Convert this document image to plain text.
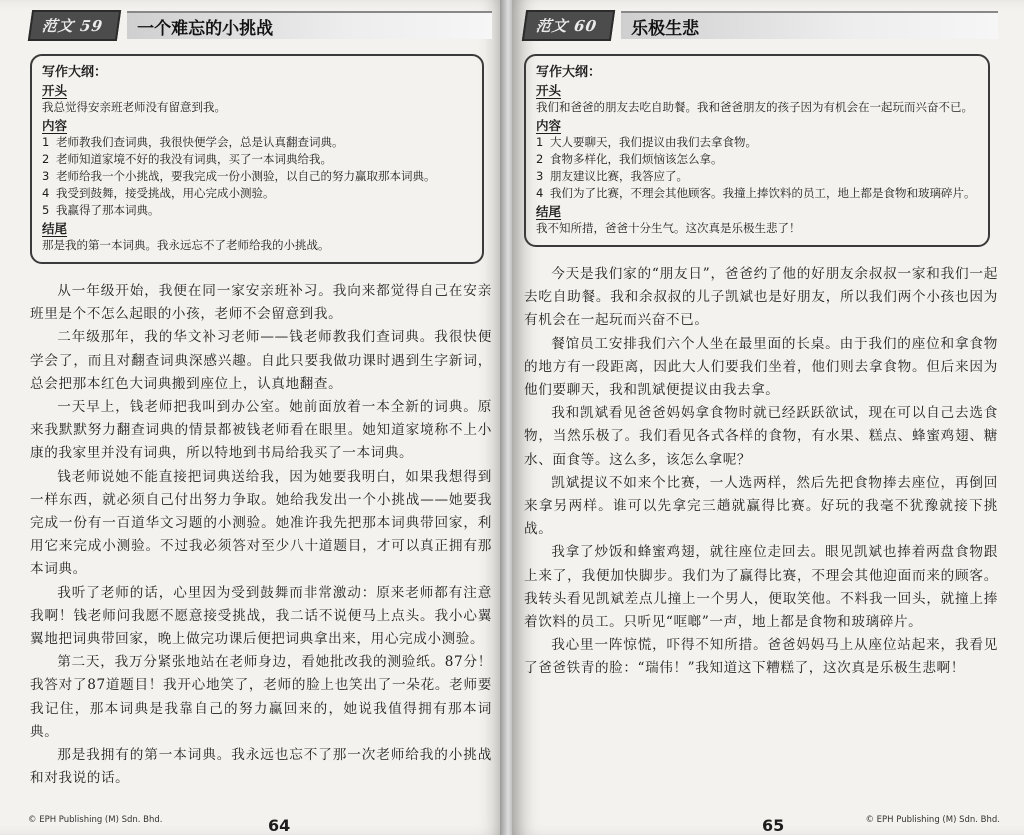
范文 59	一个难忘的小挑战
写作大纲：
开头
我总觉得安亲班老师没有留意到我。
内容
1 老师教我们查词典，我很快便学会，总是认真翻查词典。
2 老师知道家境不好的我没有词典，买了一本词典给我。
3 老师给我一个小挑战，要我完成一份小测验，以自己的努力赢取那本词典。
4 我受到鼓舞，接受挑战，用心完成小测验。
5 我赢得了那本词典。
结尾
那是我的第一本词典。我永远忘不了老师给我的小挑战。

从一年级开始，我便在同一家安亲班补习。我向来都觉得自己在安亲班里是个不怎么起眼的小孩，老师不会留意到我。

二年级那年，我的华文补习老师——钱老师教我们查词典。我很快便学会了，而且对翻查词典深感兴趣。自此只要我做功课时遇到生字新词，总会把那本红色大词典搬到座位上，认真地翻查。

一天早上，钱老师把我叫到办公室。她前面放着一本全新的词典。原来我默默努力翻查词典的情景都被钱老师看在眼里。她知道家境称不上小康的我家里并没有词典，所以特地到书局给我买了一本词典。

钱老师说她不能直接把词典送给我，因为她要我明白，如果我想得到一样东西，就必须自己付出努力争取。她给我发出一个小挑战——她要我完成一份有一百道华文习题的小测验。她准许我先把那本词典带回家，利用它来完成小测验。不过我必须答对至少八十道题目，才可以真正拥有那本词典。

我听了老师的话，心里因为受到鼓舞而非常激动：原来老师都有注意我啊！钱老师问我愿不愿意接受挑战，我二话不说便马上点头。我小心翼翼地把词典带回家，晚上做完功课后便把词典拿出来，用心完成小测验。

第二天，我万分紧张地站在老师身边，看她批改我的测验纸。87分！我答对了87道题目！我开心地笑了，老师的脸上也笑出了一朵花。老师要我记住，那本词典是我靠自己的努力赢回来的，她说我值得拥有那本词典。

那是我拥有的第一本词典。我永远也忘不了那一次老师给我的小挑战和对我说的话。

© EPH Publishing (M) Sdn. Bhd.	64
范文 60	乐极生悲
写作大纲：
开头
我们和爸爸的朋友去吃自助餐。我和爸爸朋友的孩子因为有机会在一起玩而兴奋不已。
内容
1 大人要聊天，我们提议由我们去拿食物。
2 食物多样化，我们烦恼该怎么拿。
3 朋友建议比赛，我答应了。
4 我们为了比赛，不理会其他顾客。我撞上捧饮料的员工，地上都是食物和玻璃碎片。
结尾
我不知所措，爸爸十分生气。这次真是乐极生悲了！

今天是我们家的“朋友日”，爸爸约了他的好朋友余叔叔一家和我们一起去吃自助餐。我和余叔叔的儿子凯斌也是好朋友，所以我们两个小孩也因为有机会在一起玩而兴奋不已。

餐馆员工安排我们六个人坐在最里面的长桌。由于我们的座位和拿食物的地方有一段距离，因此大人们要我们坐着，他们则去拿食物。但后来因为他们要聊天，我和凯斌便提议由我去拿。

我和凯斌看见爸爸妈妈拿食物时就已经跃跃欲试，现在可以自己去选食物，当然乐极了。我们看见各式各样的食物，有水果、糕点、蜂蜜鸡翅、糖水、面食等。这么多，该怎么拿呢？

凯斌提议不如来个比赛，一人选两样，然后先把食物捧去座位，再倒回来拿另两样。谁可以先拿完三趟就赢得比赛。好玩的我毫不犹豫就接下挑战。

我拿了炒饭和蜂蜜鸡翅，就往座位走回去。眼见凯斌也捧着两盘食物跟上来了，我便加快脚步。我们为了赢得比赛，不理会其他迎面而来的顾客。我转头看见凯斌差点儿撞上一个男人，便取笑他。不料我一回头，就撞上捧着饮料的员工。只听见“哐啷”一声，地上都是食物和玻璃碎片。

我心里一阵惊慌，吓得不知所措。爸爸妈妈马上从座位站起来，我看见了爸爸铁青的脸：“瑞伟！”我知道这下糟糕了，这次真是乐极生悲啊！

65	© EPH Publishing (M) Sdn. Bhd.
